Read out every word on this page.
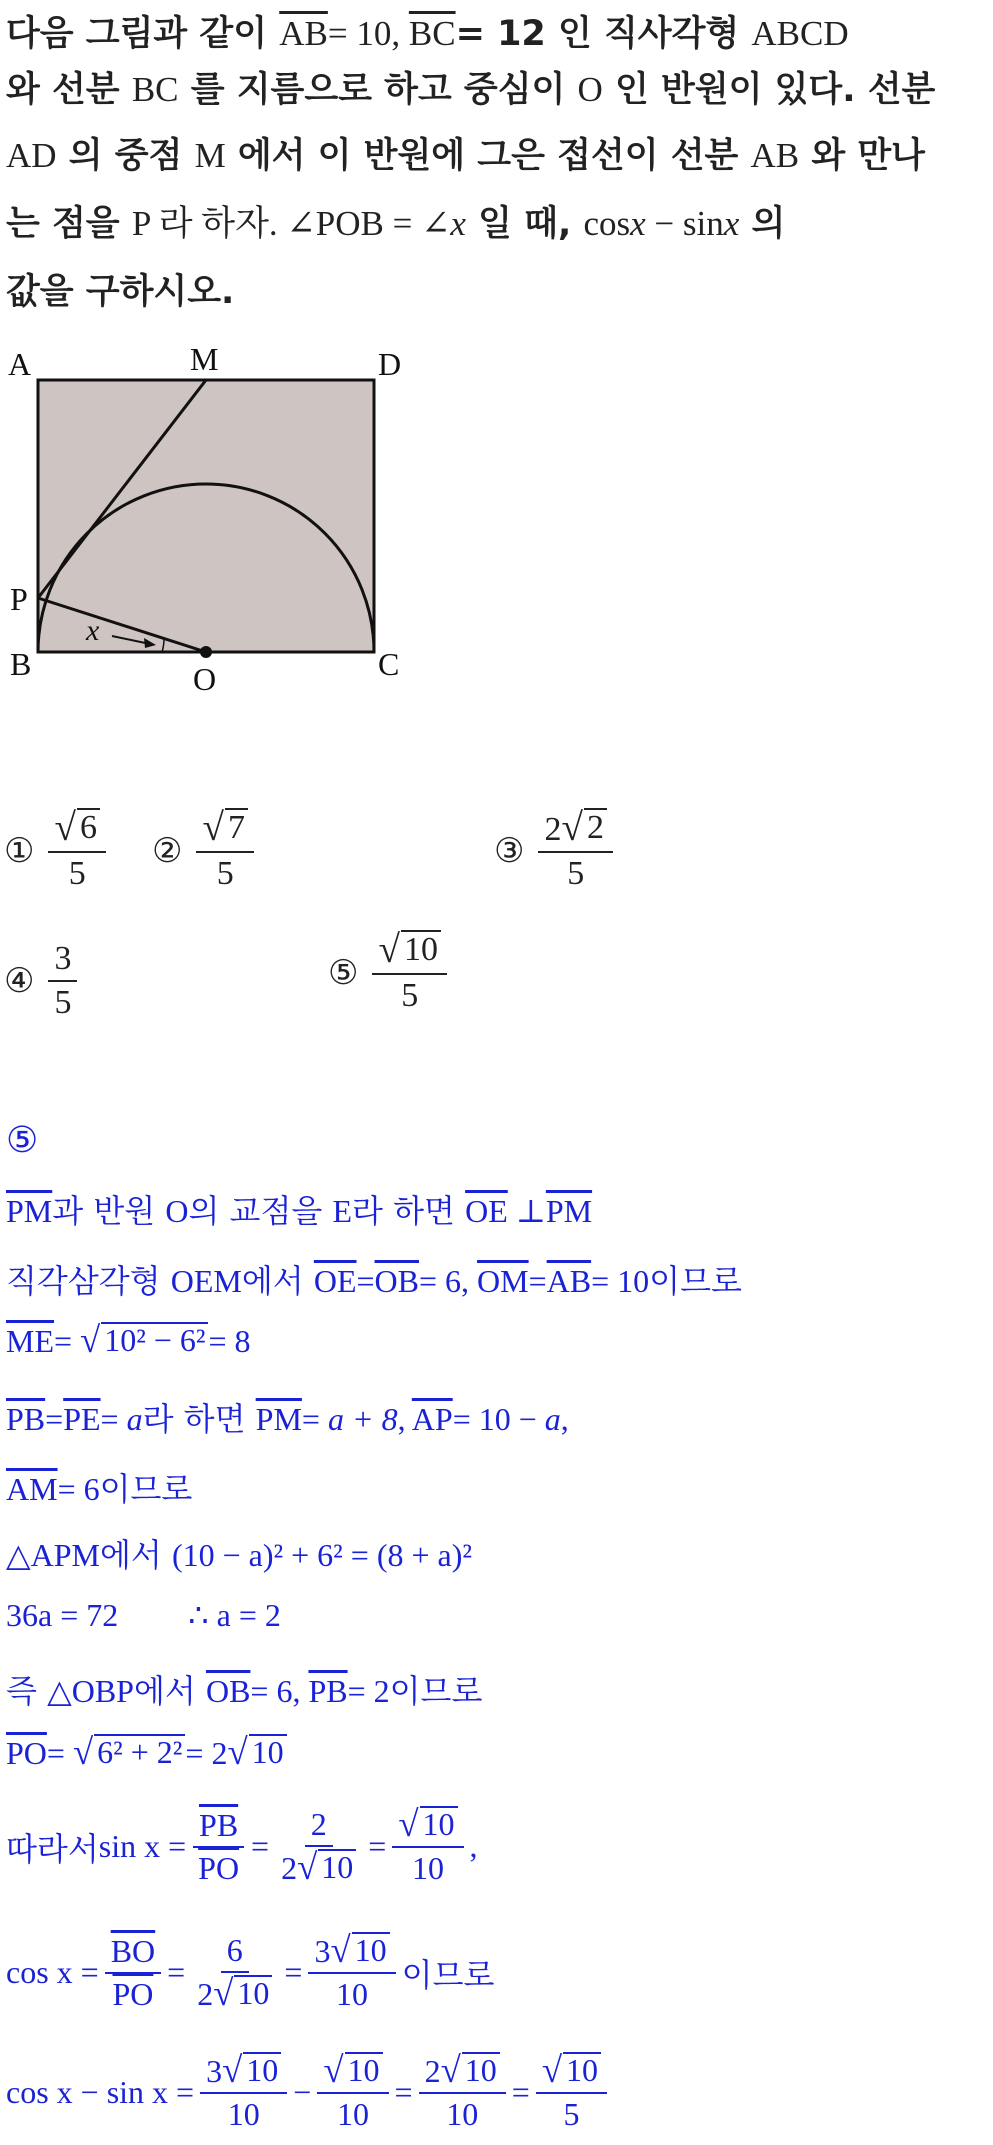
다음 그림과 같이 $\overline{AB}= 10$, $\overline{BC}= 12$ 인 직사각형 ABCD
와 선분 BC 를 지름으로 하고 중심이 O 인 반원이 있다. 선분
AD 의 중점 M 에서 이 반원에 그은 접선이 선분 AB 와 만나
는 점을 P 라 하자. ∠POB = ∠x 일 때, cosx − sinx 의
값을 구하시오.
A	M	D
P
x
B	O	C
① $\frac{√ 6}{5}$ ② $\frac{√ 7}{5}$	③ $\frac{2 √ 2}{5}$
④ $\frac{3}{5}$	⑤ $\frac{√ 10}{5}$
⑤
$\overline{PM}$과 반원 O의 교점을 E라 하면 $\overline{OE}$ $\perp\overline{PM}$
직각삼각형 OEM에서 $\overline{OE}=\overline{OB}= 6$, $\overline{OM}=\overline{AB}= 10$이므로
$\overline{ME}=$ √ 10² − 6² = 8
$\overline{PB}=\overline{PE}= a$라 하면 $\overline{PM}= a + 8$, $\overline{AP}= 10 - a$,
$\overline{AM}= 6$이므로
△APM에서 (10 − a)² + 6² = (8 + a)²
36a = 72 ∴ a = 2
즉 △OBP에서 $\overline{OB}= 6$, $\overline{PB}= 2$이므로
$\overline{PO}=$ √ 6² + 2² = 2 √ 10
따라서 $\sin x = \frac{\overline{PB}}{PO} = \frac{2}{2 √ 10} = \frac{√ 10}{10}$ ,
$\cos x = \frac{\overline{BO}}{PO} = \frac{6}{2 √ 10} = \frac{3 √ 10}{10}$ 이므로
$\cos x - \sin x = \frac{3 √ 10}{10} - \frac{√ 10}{10} = \frac{2 √ 10}{10} = \frac{√ 10}{5}$
